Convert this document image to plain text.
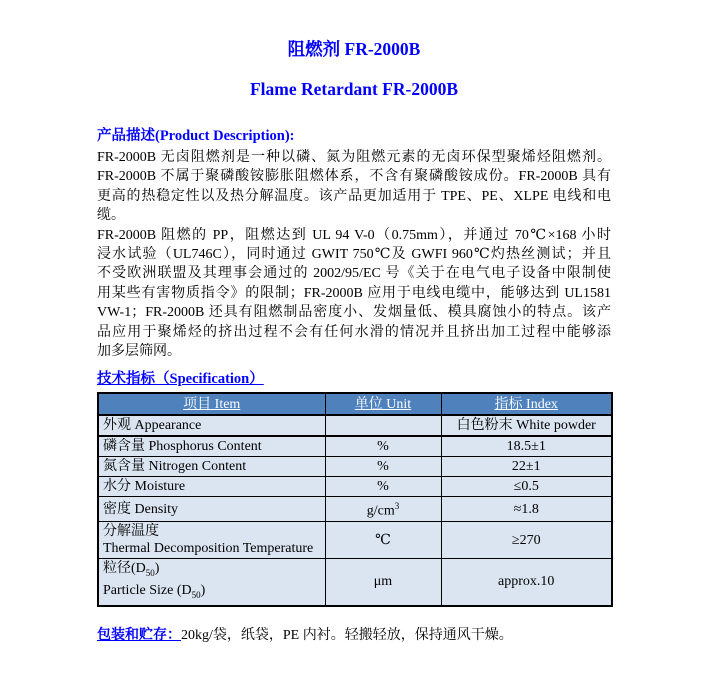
阻燃剂 FR-2000B
Flame Retardant FR-2000B
产品描述(Product Description):
FR-2000B 无卤阻燃剂是一种以磷、氮为阻燃元素的无卤环保型聚烯烃阻燃剂。
FR-2000B 不属于聚磷酸铵膨胀阻燃体系，不含有聚磷酸铵成份。FR-2000B 具有
更高的热稳定性以及热分解温度。该产品更加适用于 TPE、PE、XLPE 电线和电
缆。
FR-2000B 阻燃的 PP，阻燃达到 UL 94 V-0（0.75mm），并通过 70℃×168 小时
浸水试验（UL746C），同时通过 GWIT 750℃及 GWFI 960℃灼热丝测试；并且
不受欧洲联盟及其理事会通过的 2002/95/EC 号《关于在电气电子设备中限制使
用某些有害物质指令》的限制；FR-2000B 应用于电线电缆中，能够达到 UL1581
VW-1；FR-2000B 还具有阻燃制品密度小、发烟量低、模具腐蚀小的特点。该产
品应用于聚烯烃的挤出过程不会有任何水滑的情况并且挤出加工过程中能够添
加多层筛网。
技术指标（Specification）
项目 Item	单位 Unit	指标 Index

外观 Appearance		白色粉末 White powder

磷含量 Phosphorus Content	%	18.5±1

氮含量 Nitrogen Content	%	22±1

水分 Moisture	%	≤0.5

密度 Density	$g/cm^3$	≈1.8

分解温度
Thermal Decomposition Temperature	℃	≥270

粒径$(D_{50})$
Particle Size $(D_{50})$	μm	approx.10
包装和贮存：20kg/袋，纸袋，PE 内衬。轻搬轻放，保持通风干燥。
